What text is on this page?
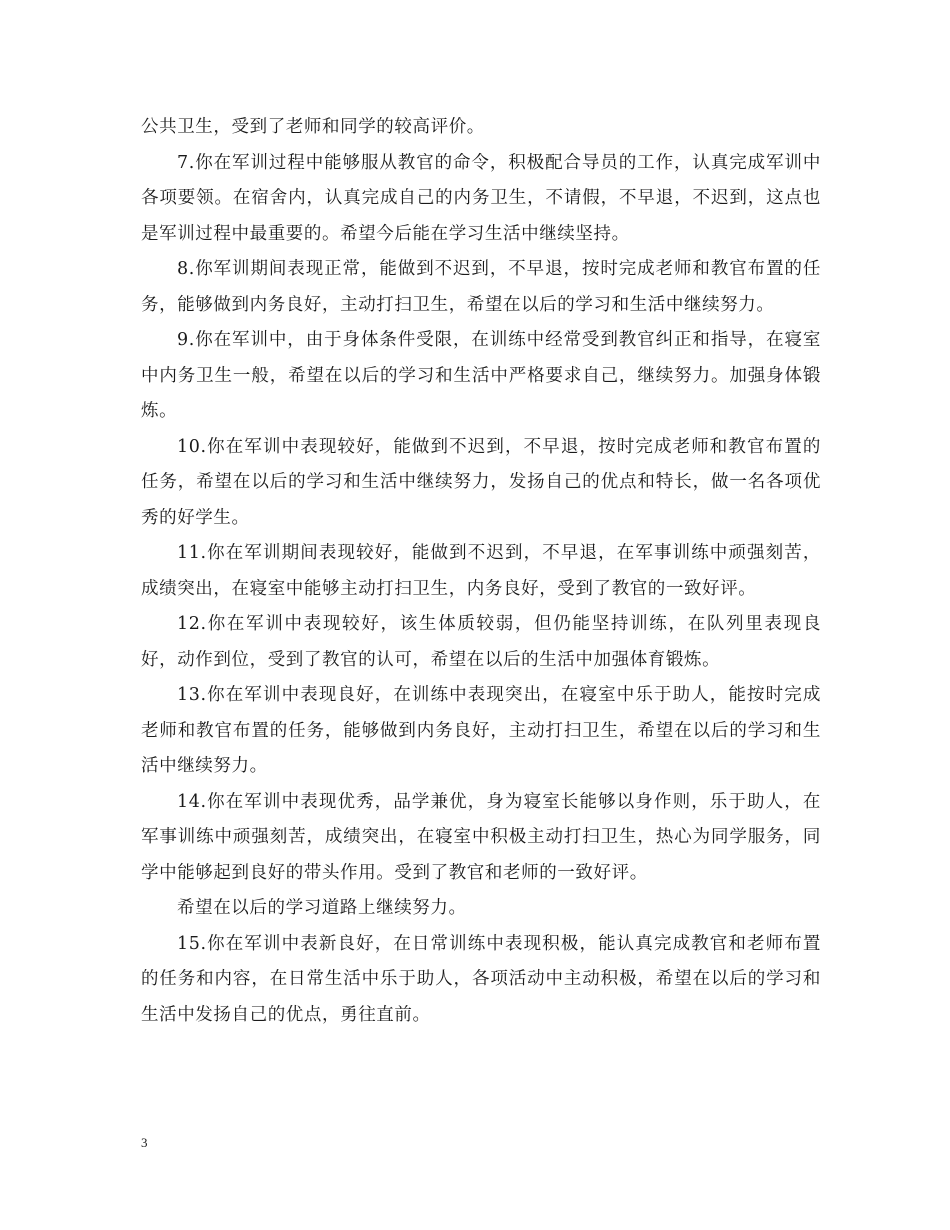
公共卫生，受到了老师和同学的较高评价。

7.你在军训过程中能够服从教官的命令，积极配合导员的工作，认真完成军训中各项要领。在宿舍内，认真完成自己的内务卫生，不请假，不早退，不迟到，这点也是军训过程中最重要的。希望今后能在学习生活中继续坚持。

8.你军训期间表现正常，能做到不迟到，不早退，按时完成老师和教官布置的任务，能够做到内务良好，主动打扫卫生，希望在以后的学习和生活中继续努力。

9.你在军训中，由于身体条件受限，在训练中经常受到教官纠正和指导，在寝室中内务卫生一般，希望在以后的学习和生活中严格要求自己，继续努力。加强身体锻炼。

10.你在军训中表现较好，能做到不迟到，不早退，按时完成老师和教官布置的任务，希望在以后的学习和生活中继续努力，发扬自己的优点和特长，做一名各项优秀的好学生。

11.你在军训期间表现较好，能做到不迟到，不早退，在军事训练中顽强刻苦，成绩突出，在寝室中能够主动打扫卫生，内务良好，受到了教官的一致好评。

12.你在军训中表现较好，该生体质较弱，但仍能坚持训练，在队列里表现良好，动作到位，受到了教官的认可，希望在以后的生活中加强体育锻炼。

13.你在军训中表现良好，在训练中表现突出，在寝室中乐于助人，能按时完成老师和教官布置的任务，能够做到内务良好，主动打扫卫生，希望在以后的学习和生活中继续努力。

14.你在军训中表现优秀，品学兼优，身为寝室长能够以身作则，乐于助人，在军事训练中顽强刻苦，成绩突出，在寝室中积极主动打扫卫生，热心为同学服务，同学中能够起到良好的带头作用。受到了教官和老师的一致好评。

希望在以后的学习道路上继续努力。

15.你在军训中表新良好，在日常训练中表现积极，能认真完成教官和老师布置的任务和内容，在日常生活中乐于助人，各项活动中主动积极，希望在以后的学习和生活中发扬自己的优点，勇往直前。

3
